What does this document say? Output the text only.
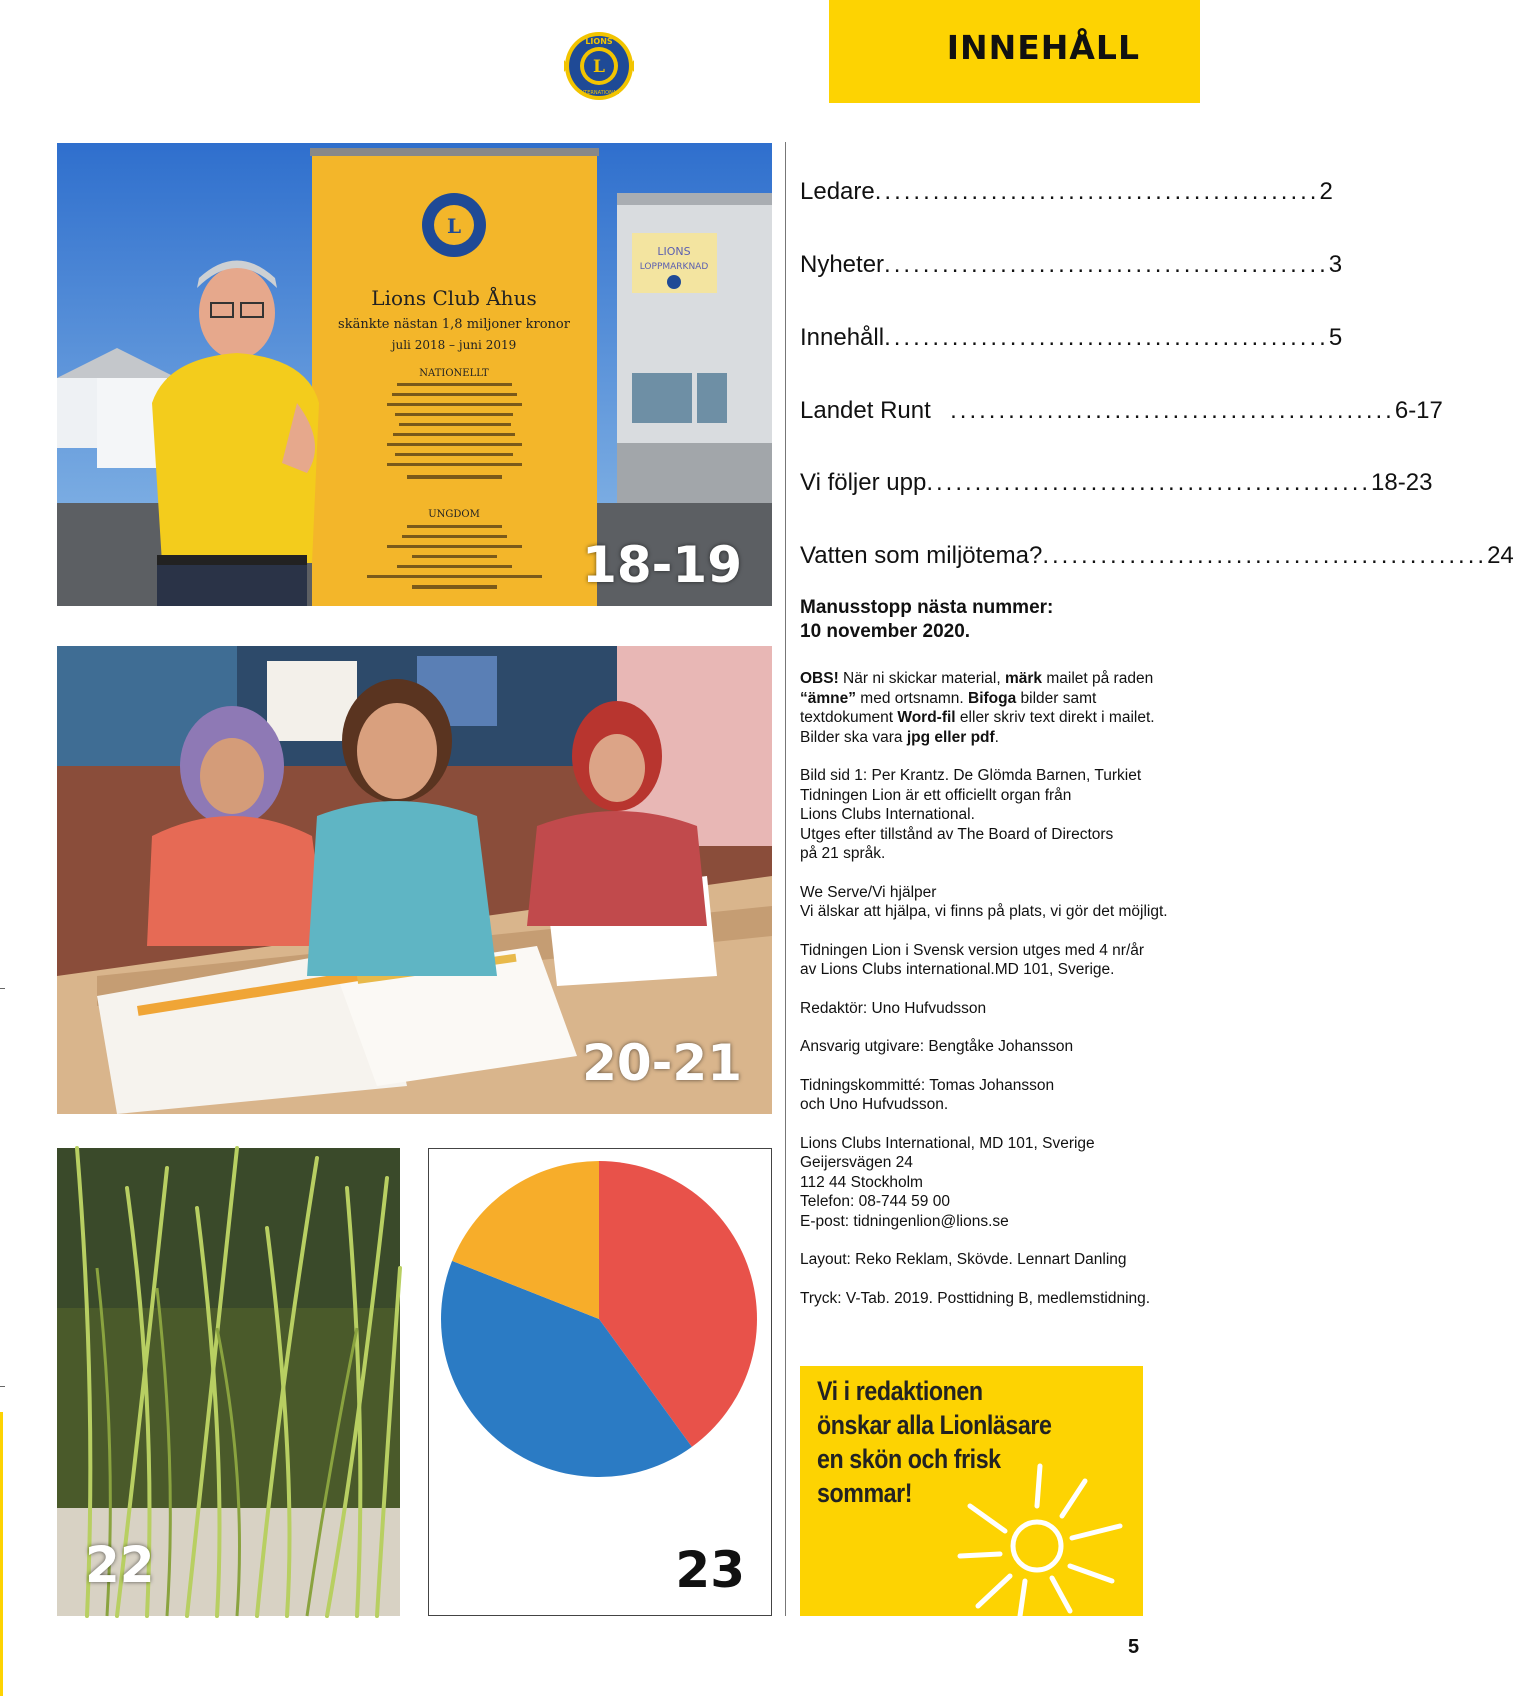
INNEHÅLL
L
LIONS
INTERNATIONAL
LIONS
LOPPMARKNAD
L
Lions Club Åhus
skänkte nästan 1,8 miljoner kronor
juli 2018 – juni 2019
NATIONELLT
UNGDOM
18-19
20-21
22	23
Ledare .............................................. 2
Nyheter .............................................. 3
Innehåll .............................................. 5
Landet Runt .............................................. 6-17
Vi följer upp .............................................. 18-23
Vatten som miljötema? .............................................. 24
Manusstopp nästa nummer:
10 november 2020.

OBS! När ni skickar material, märk mailet på raden “ämne” med ortsnamn. Bifoga bilder samt textdokument Word-fil eller skriv text direkt i mailet. Bilder ska vara jpg eller pdf.

Bild sid 1: Per Krantz. De Glömda Barnen, Turkiet

Tidningen Lion är ett officiellt organ från

Lions Clubs International.

Utges efter tillstånd av The Board of Directors

på 21 språk.

We Serve/Vi hjälper

Vi älskar att hjälpa, vi finns på plats, vi gör det möjligt.

Tidningen Lion i Svensk version utges med 4 nr/år

av Lions Clubs international.MD 101, Sverige.

Redaktör: Uno Hufvudsson

Ansvarig utgivare: Bengtåke Johansson

Tidningskommitté: Tomas Johansson

och Uno Hufvudsson.

Lions Clubs International, MD 101, Sverige

Geijersvägen 24

112 44 Stockholm

Telefon: 08-744 59 00

E-post: tidningenlion@lions.se

Layout: Reko Reklam, Skövde. Lennart Danling

Tryck: V-Tab. 2019. Posttidning B, medlemstidning.

Vi i redaktionen
önskar alla Lionläsare
en skön och frisk
sommar!
5
